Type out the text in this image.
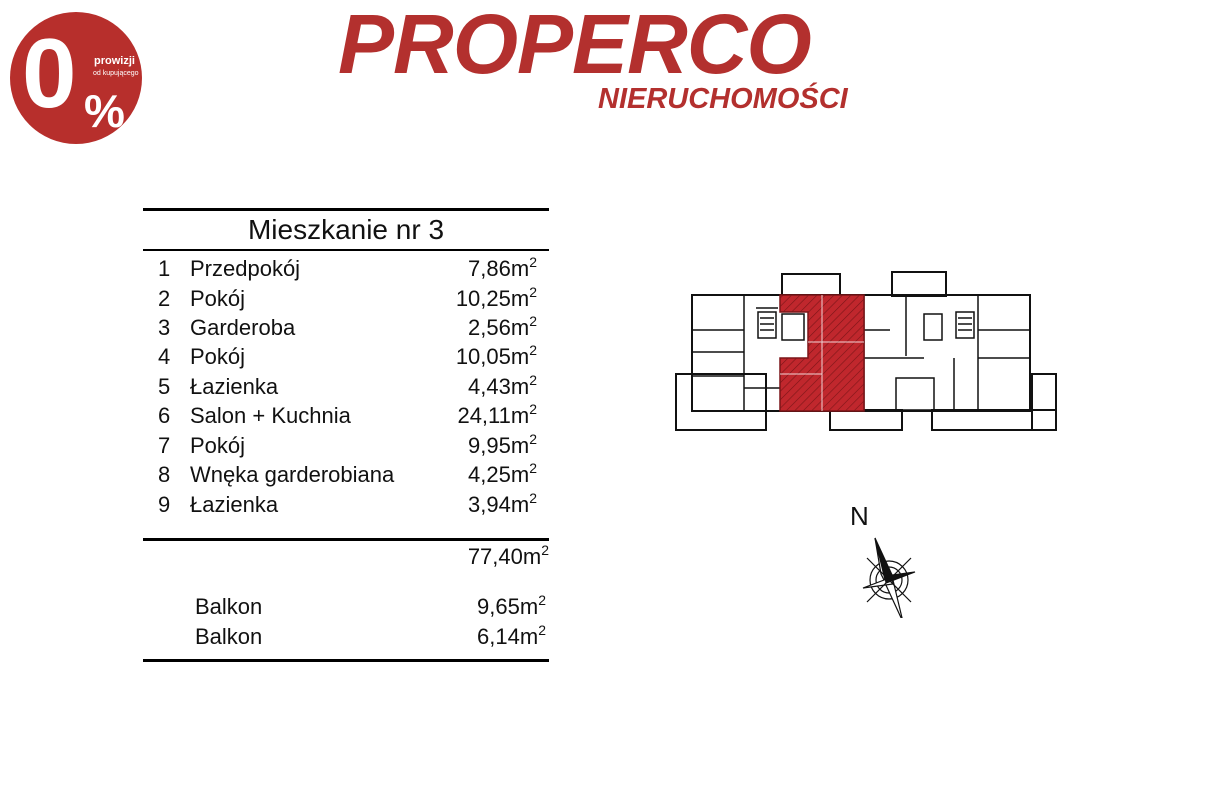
0 prowizji
od kupującego
%
PROPERCO
NIERUCHOMOŚCI
Mieszkanie nr 3
1 Przedpokój	$7,86m^2$
2 Pokój	$10,25m^2$
3 Garderoba	$2,56m^2$
4 Pokój	$10,05m^2$
5 Łazienka	$4,43m^2$
6 Salon + Kuchnia	$24,11m^2$
7 Pokój	$9,95m^2$
8 Wnęka garderobiana	$4,25m^2$
9 Łazienka	$3,94m^2$
$77,40m^2$
Balkon	$9,65m^2$
Balkon	$6,14m^2$
N
